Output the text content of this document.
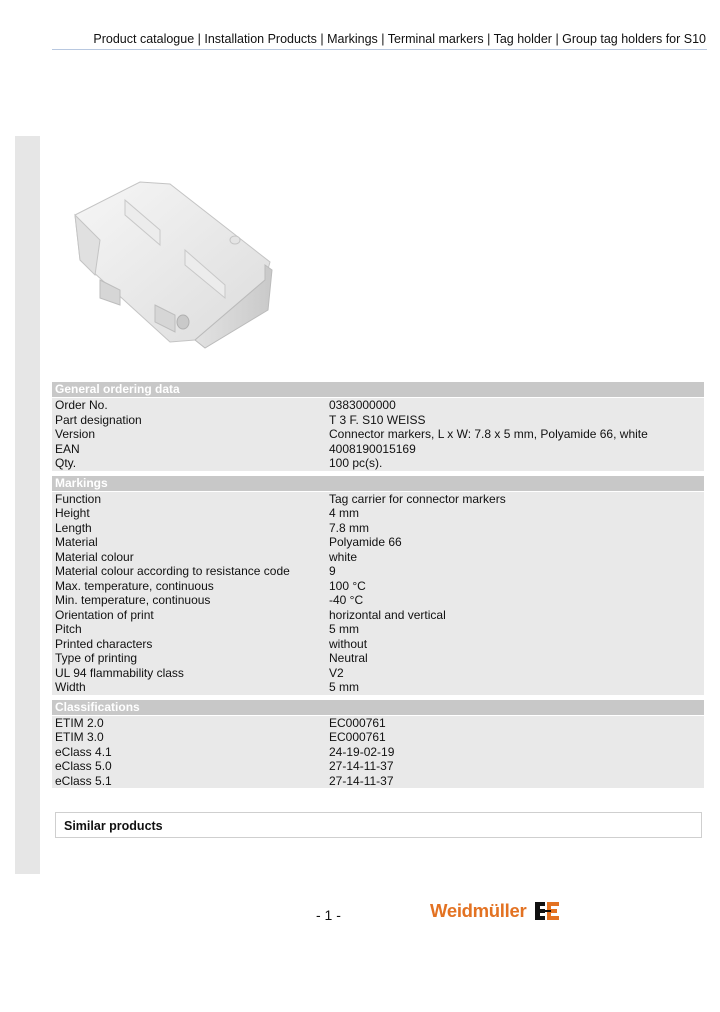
Product catalogue | Installation Products | Markings | Terminal markers | Tag holder | Group tag holders for S10
General ordering data
Order No.	0383000000
Part designation	T 3 F. S10 WEISS
Version	Connector markers, L x W: 7.8 x 5 mm, Polyamide 66, white
EAN	4008190015169
Qty.	100 pc(s).
Markings
Function	Tag carrier for connector markers
Height	4 mm
Length	7.8 mm
Material	Polyamide 66
Material colour	white
Material colour according to resistance code	9
Max. temperature, continuous	100 °C
Min. temperature, continuous	-40 °C
Orientation of print	horizontal and vertical
Pitch	5 mm
Printed characters	without
Type of printing	Neutral
UL 94 flammability class	V2
Width	5 mm
Classifications
ETIM 2.0	EC000761
ETIM 3.0	EC000761
eClass 4.1	24-19-02-19
eClass 5.0	27-14-11-37
eClass 5.1	27-14-11-37
Similar products
- 1 -	Weidmüller
